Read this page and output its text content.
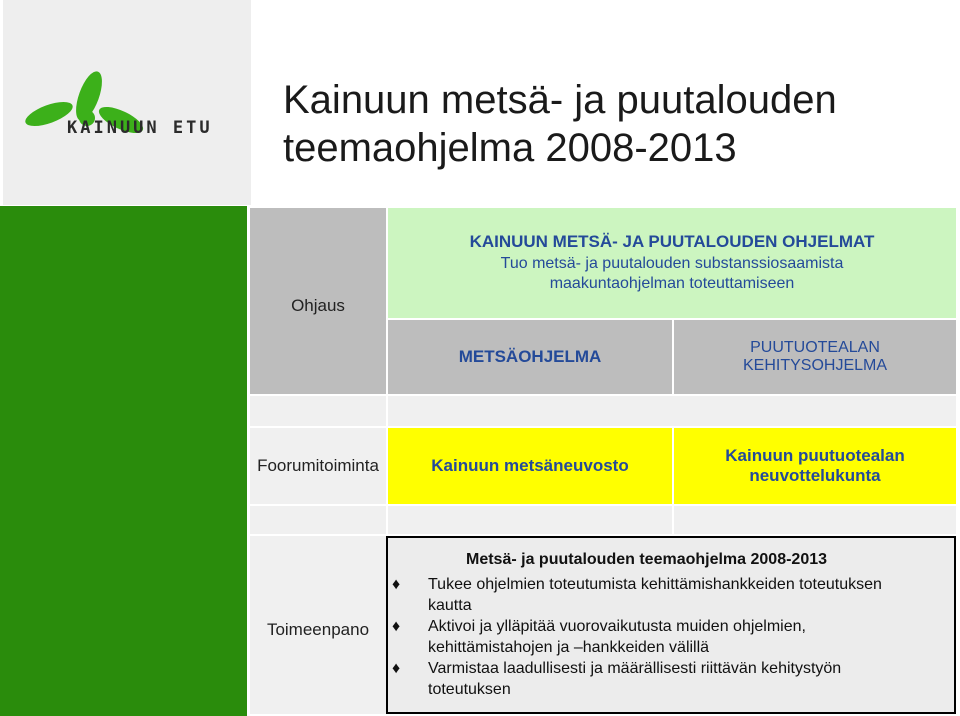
KAINUUN ETU
Kainuun metsä- ja puutalouden
teemaohjelma 2008-2013
Ohjaus
KAINUUN METSÄ- JA PUUTALOUDEN OHJELMAT
Tuo metsä- ja puutalouden substanssiosaamista maakuntaohjelman toteuttamiseen
METSÄOHJELMA	PUUTUOTEALAN
KEHITYSOHJELMA
Foorumitoiminta	Kainuun metsäneuvosto
Kainuun puutuotealan
neuvottelukunta
Toimeenpano
Metsä- ja puutalouden teemaohjelma 2008-2013
♦ Tukee ohjelmien toteutumista kehittämishankkeiden toteutuksen
kautta
♦ Aktivoi ja ylläpitää vuorovaikutusta muiden ohjelmien,
kehittämistahojen ja –hankkeiden välillä
♦ Varmistaa laadullisesti ja määrällisesti riittävän kehitystyön
toteutuksen
